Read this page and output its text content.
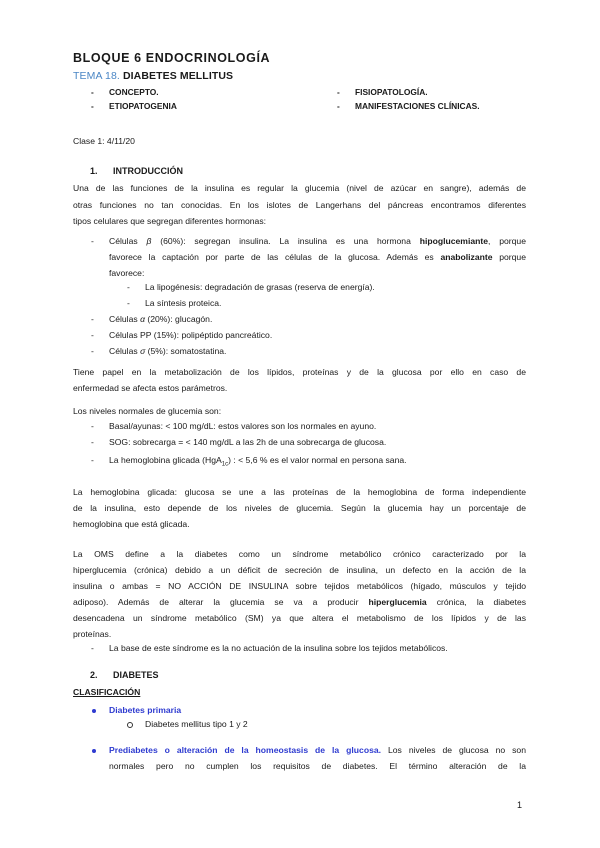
BLOQUE 6 ENDOCRINOLOGÍA
TEMA 18. DIABETES MELLITUS
- CONCEPTO.
- ETIOPATOGENIA
- FISIOPATOLOGÍA.
- MANIFESTACIONES CLÍNICAS.
Clase 1: 4/11/20
1. INTRODUCCIÓN
Una de las funciones de la insulina es regular la glucemia (nivel de azúcar en sangre), además de
otras funciones no tan conocidas. En los islotes de Langerhans del páncreas encontramos diferentes
tipos celulares que segregan diferentes hormonas:
- Células β (60%): segregan insulina. La insulina es una hormona hipoglucemiante, porque
favorece la captación por parte de las células de la glucosa. Además es anabolizante porque
favorece:
- La lipogénesis: degradación de grasas (reserva de energía).
- La síntesis proteica.
- Células α (20%): glucagón.
- Células PP (15%): polipéptido pancreático.
- Células σ (5%): somatostatina.
Tiene papel en la metabolización de los lípidos, proteínas y de la glucosa por ello en caso de
enfermedad se afecta estos parámetros.
Los niveles normales de glucemia son:
- Basal/ayunas: < 100 mg/dL: estos valores son los normales en ayuno.
- SOG: sobrecarga = < 140 mg/dL a las 2h de una sobrecarga de glucosa.
- La hemoglobina glicada (HgA$_{1c}$) : < 5,6 % es el valor normal en persona sana.
La hemoglobina glicada: glucosa se une a las proteínas de la hemoglobina de forma independiente
de la insulina, esto depende de los niveles de glucemia. Según la glucemia hay un porcentaje de
hemoglobina que está glicada.
La OMS define a la diabetes como un síndrome metabólico crónico caracterizado por la
hiperglucemia (crónica) debido a un déficit de secreción de insulina, un defecto en la acción de la
insulina o ambas = NO ACCIÓN DE INSULINA sobre tejidos metabólicos (hígado, músculos y tejido
adiposo). Además de alterar la glucemia se va a producir hiperglucemia crónica, la diabetes
desencadena un síndrome metabólico (SM) ya que altera el metabolismo de los lípidos y de las
proteínas.
- La base de este síndrome es la no actuación de la insulina sobre los tejidos metabólicos.
2. DIABETES
CLASIFICACIÓN
Diabetes primaria
Diabetes mellitus tipo 1 y 2
Prediabetes o alteración de la homeostasis de la glucosa. Los niveles de glucosa no son
normales pero no cumplen los requisitos de diabetes. El término alteración de la
1
